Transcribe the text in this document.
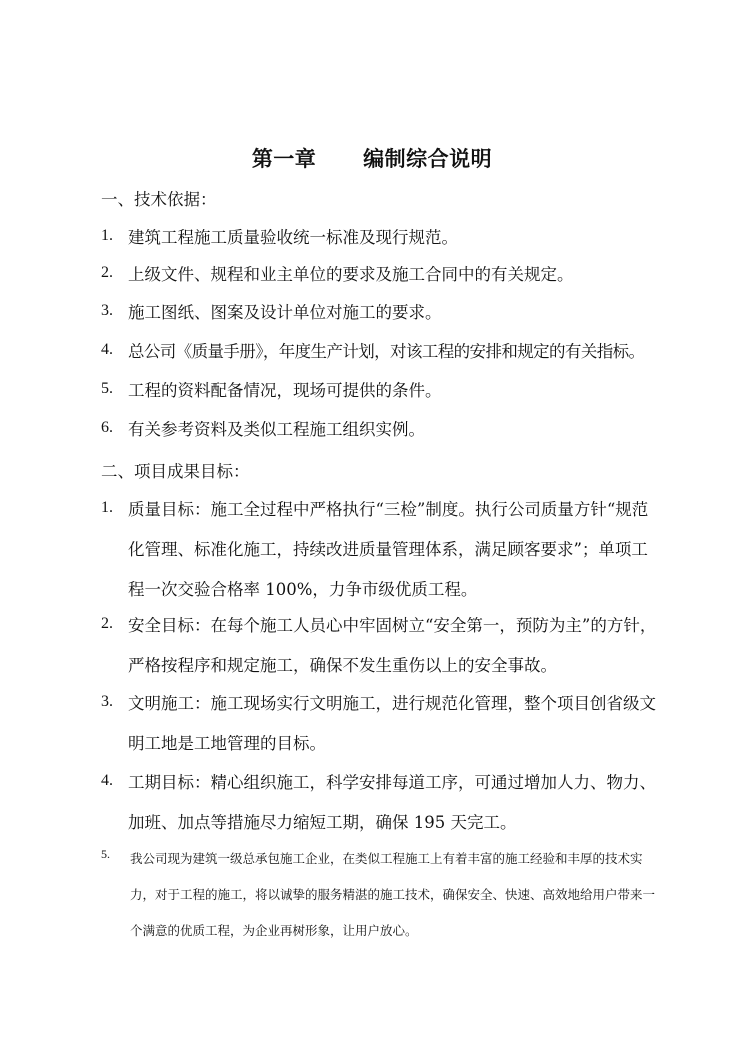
第一章      编制综合说明
一、技术依据：
1. 建筑工程施工质量验收统一标准及现行规范。
2. 上级文件、规程和业主单位的要求及施工合同中的有关规定。
3. 施工图纸、图案及设计单位对施工的要求。
4. 总公司《质量手册》，年度生产计划，对该工程的安排和规定的有关指标。
5. 工程的资料配备情况，现场可提供的条件。
6. 有关参考资料及类似工程施工组织实例。
二、项目成果目标：
1. 质量目标：施工全过程中严格执行“三检”制度。执行公司质量方针“规范化管理、标准化施工，持续改进质量管理体系，满足顾客要求”；单项工程一次交验合格率 100%，力争市级优质工程。
2. 安全目标：在每个施工人员心中牢固树立“安全第一，预防为主”的方针，严格按程序和规定施工，确保不发生重伤以上的安全事故。
3. 文明施工：施工现场实行文明施工，进行规范化管理，整个项目创省级文明工地是工地管理的目标。
4. 工期目标：精心组织施工，科学安排每道工序，可通过增加人力、物力、加班、加点等措施尽力缩短工期，确保 195 天完工。
5. 我公司现为建筑一级总承包施工企业，在类似工程施工上有着丰富的施工经验和丰厚的技术实力，对于工程的施工，将以诚挚的服务精湛的施工技术，确保安全、快速、高效地给用户带来一个满意的优质工程，为企业再树形象，让用户放心。
